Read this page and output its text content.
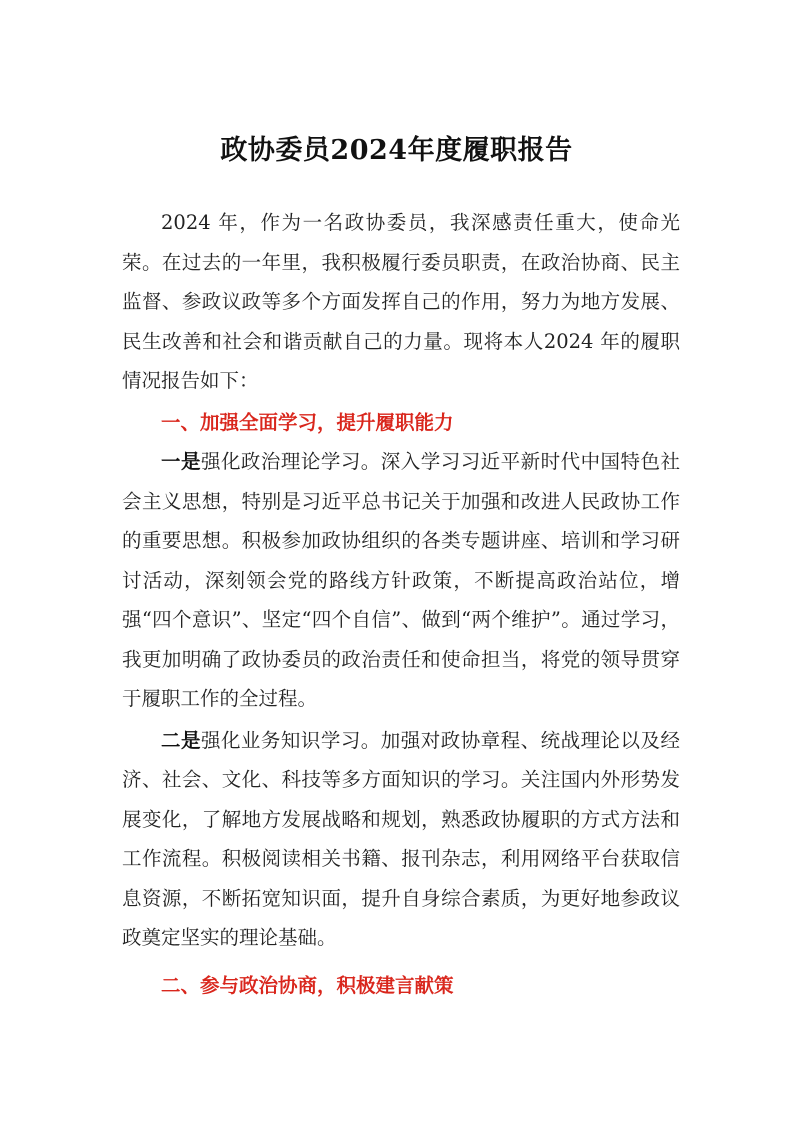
政协委员2024年度履职报告

2024 年，作为一名政协委员，我深感责任重大，使命光荣。在过去的一年里，我积极履行委员职责，在政治协商、民主监督、参政议政等多个方面发挥自己的作用，努力为地方发展、民生改善和社会和谐贡献自己的力量。现将本人2024 年的履职情况报告如下：

一、加强全面学习，提升履职能力

一是强化政治理论学习。深入学习习近平新时代中国特色社会主义思想，特别是习近平总书记关于加强和改进人民政协工作的重要思想。积极参加政协组织的各类专题讲座、培训和学习研讨活动，深刻领会党的路线方针政策，不断提高政治站位，增强“四个意识”、坚定“四个自信”、做到“两个维护”。通过学习，我更加明确了政协委员的政治责任和使命担当，将党的领导贯穿于履职工作的全过程。

二是强化业务知识学习。加强对政协章程、统战理论以及经济、社会、文化、科技等多方面知识的学习。关注国内外形势发展变化，了解地方发展战略和规划，熟悉政协履职的方式方法和工作流程。积极阅读相关书籍、报刊杂志，利用网络平台获取信息资源，不断拓宽知识面，提升自身综合素质，为更好地参政议政奠定坚实的理论基础。

二、参与政治协商，积极建言献策
